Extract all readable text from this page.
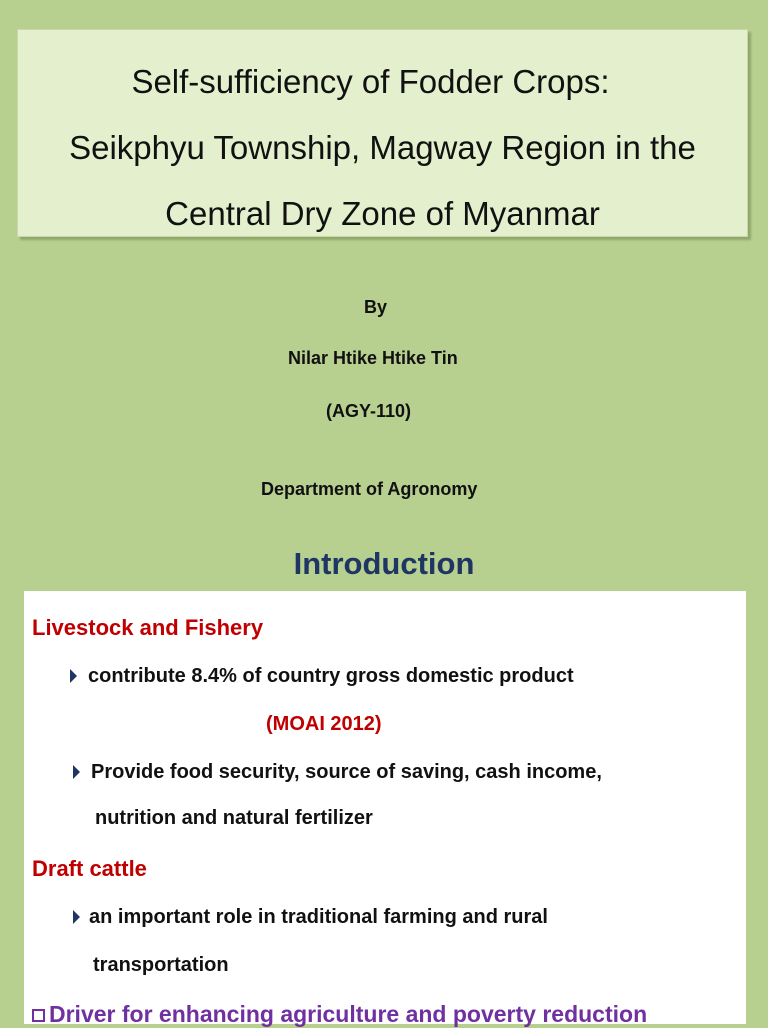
Self-sufficiency of Fodder Crops:
Seikphyu Township, Magway Region in the
Central Dry Zone of Myanmar
By
Nilar Htike Htike Tin
(AGY-110)
Department of Agronomy
Introduction
Livestock and Fishery
contribute 8.4% of country gross domestic product
(MOAI 2012)
Provide food security, source of saving, cash income,
nutrition and natural fertilizer
Draft cattle
an important role in traditional farming and rural
transportation
Driver for enhancing agriculture and poverty reduction
